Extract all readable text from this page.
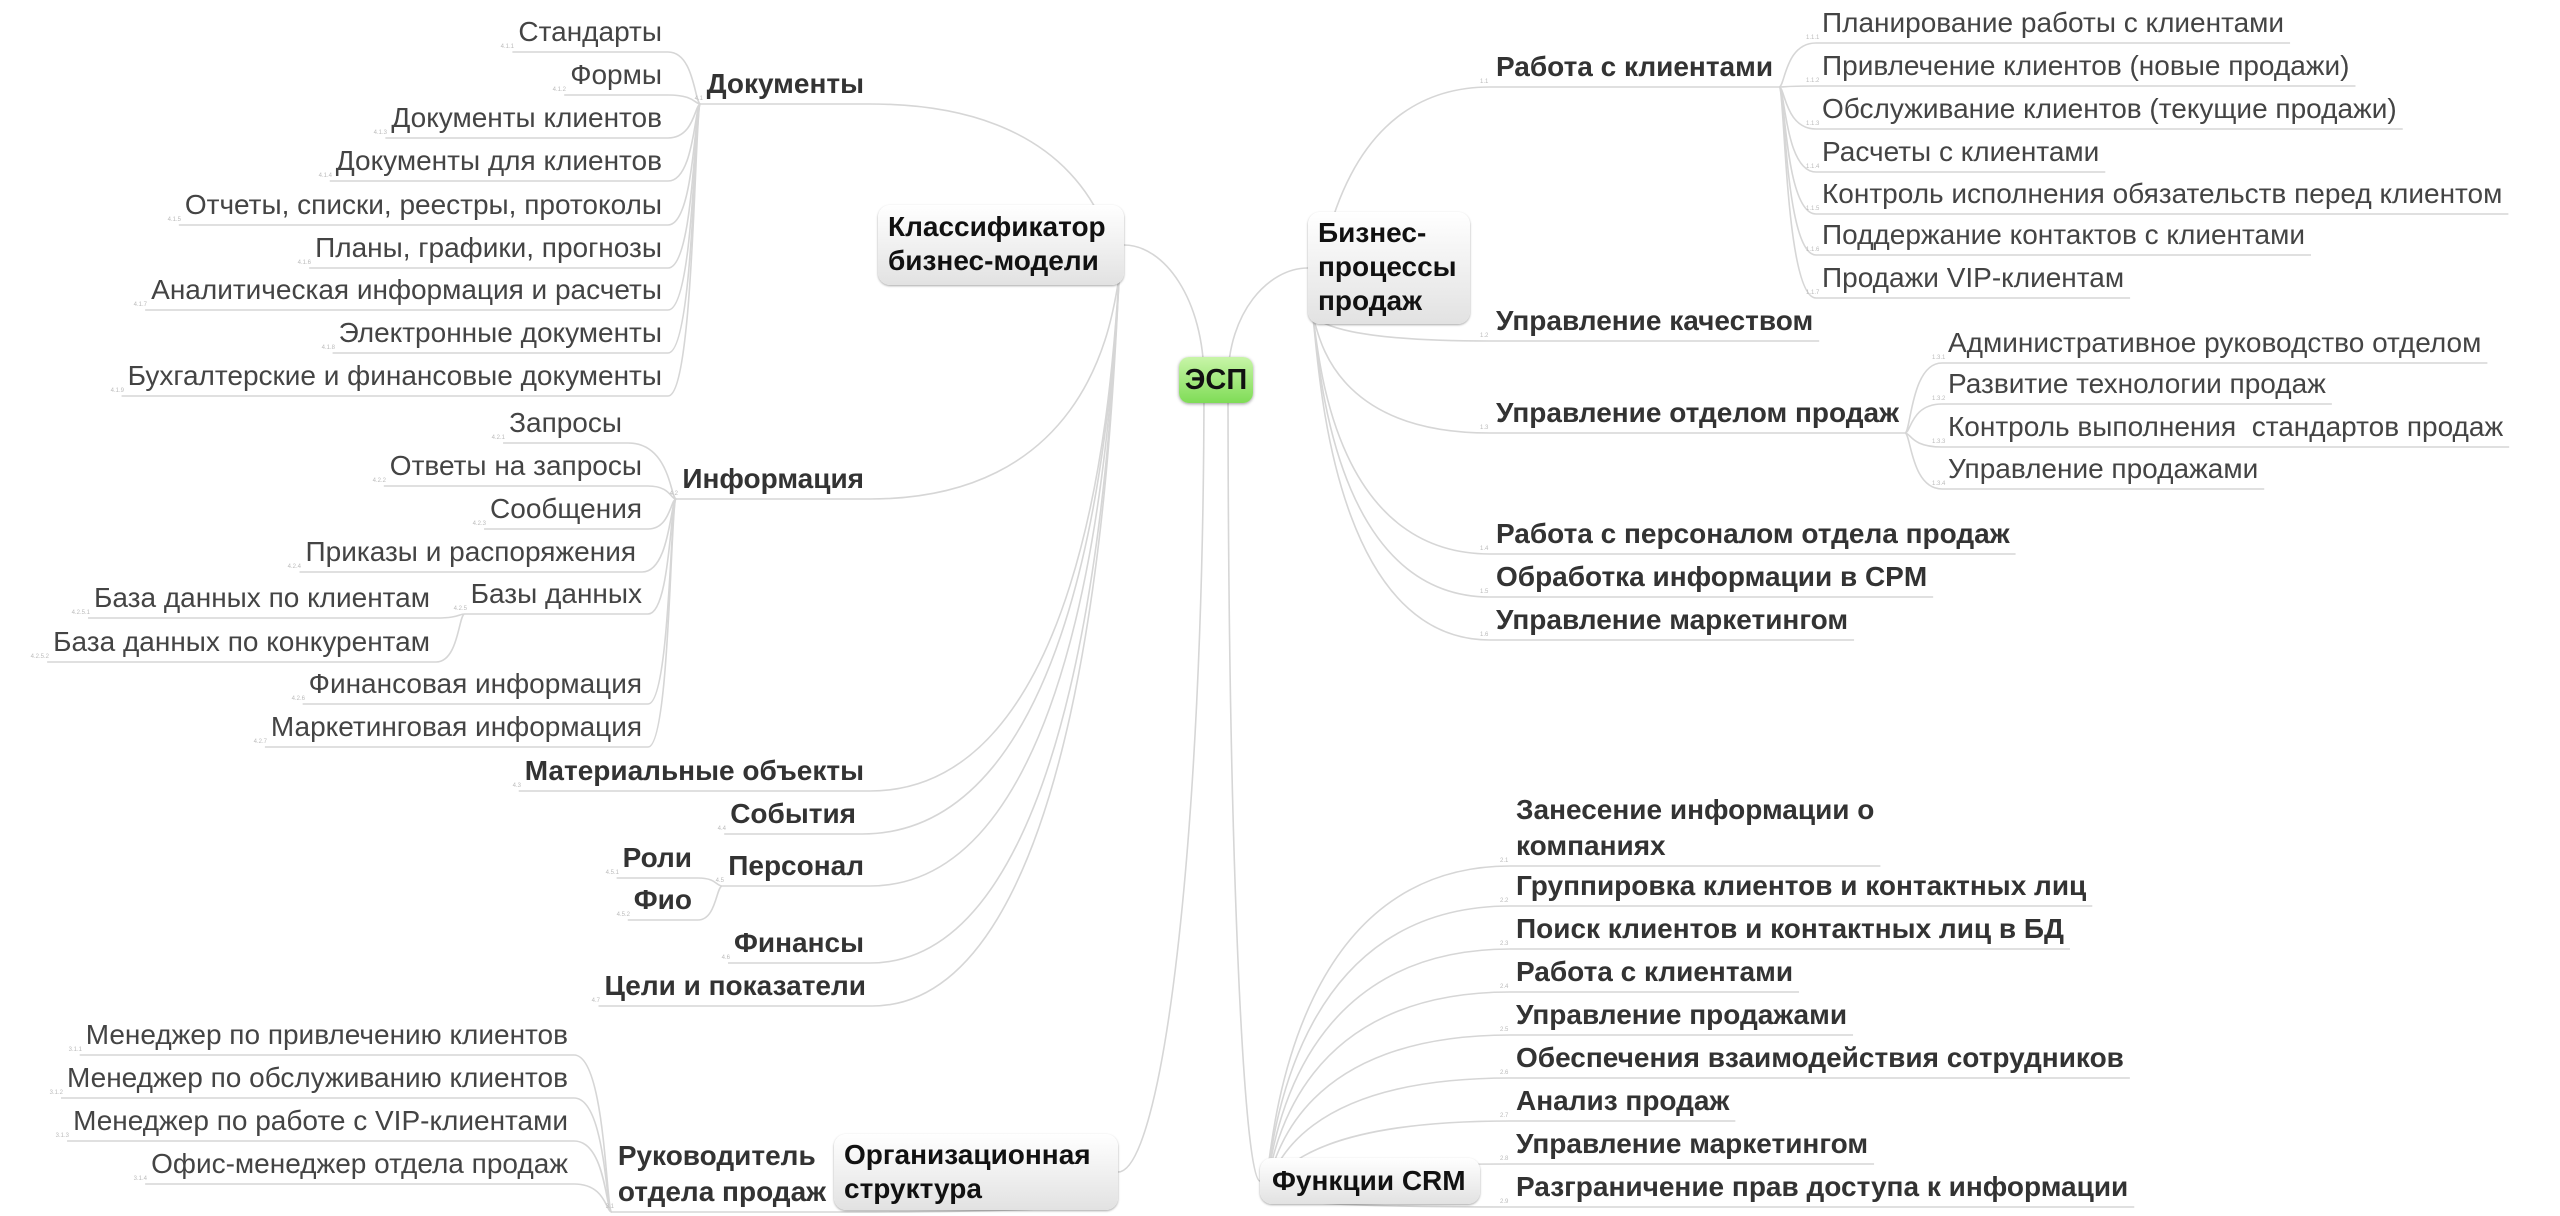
ЭСП
Бизнес-
процессы
продаж
Функции CRM
Классификатор
бизнес-модели
Организационная
структура
Работа с клиентами
1.1
Планирование работы с клиентами
1.1.1
Привлечение клиентов (новые продажи)
1.1.2
Обслуживание клиентов (текущие продажи)
1.1.3
Расчеты с клиентами
1.1.4
Контроль исполнения обязательств перед клиентом
1.1.5
Поддержание контактов с клиентами
1.1.6
Продажи VIP-клиентам
1.1.7
Управление качеством
1.2
Управление отделом продаж
1.3
Административное руководство отделом
1.3.1
Развитие технологии продаж
1.3.2
Контроль выполнения  стандартов продаж
1.3.3
Управление продажами
1.3.4
Работа с персоналом отдела продаж
1.4
Обработка информации в CPM
1.5
Управление маркетингом
1.6
Занесение информации о
компаниях
2.1
Группировка клиентов и контактных лиц
2.2
Поиск клиентов и контактных лиц в БД
2.3
Работа с клиентами
2.4
Управление продажами
2.5
Обеспечения взаимодействия сотрудников
2.6
Анализ продаж
2.7
Управление маркетингом
2.8
Разграничение прав доступа к информации
2.9
Документы
4.1
Стандарты
4.1.1
Формы
4.1.2
Документы клиентов
4.1.3
Документы для клиентов
4.1.4
Отчеты, списки, реестры, протоколы
4.1.5
Планы, графики, прогнозы
4.1.6
Аналитическая информация и расчеты
4.1.7
Электронные документы
4.1.8
Бухгалтерские и финансовые документы
4.1.9
Информация
4.2
Запросы
4.2.1
Ответы на запросы
4.2.2
Сообщения
4.2.3
Приказы и распоряжения
4.2.4
Базы данных
4.2.5
База данных по клиентам
4.2.5.1
База данных по конкурентам
4.2.5.2
Финансовая информация
4.2.6
Маркетинговая информация
4.2.7
Материальные объекты
4.3
События
4.4
Персонал
4.5
Роли
4.5.1
Фио
4.5.2
Финансы
4.6
Цели и показатели
4.7
Руководитель
отдела продаж
3.1
Менеджер по привлечению клиентов
3.1.1
Менеджер по обслуживанию клиентов
3.1.2
Менеджер по работе с VIP-клиентами
3.1.3
Офис-менеджер отдела продаж
3.1.4
